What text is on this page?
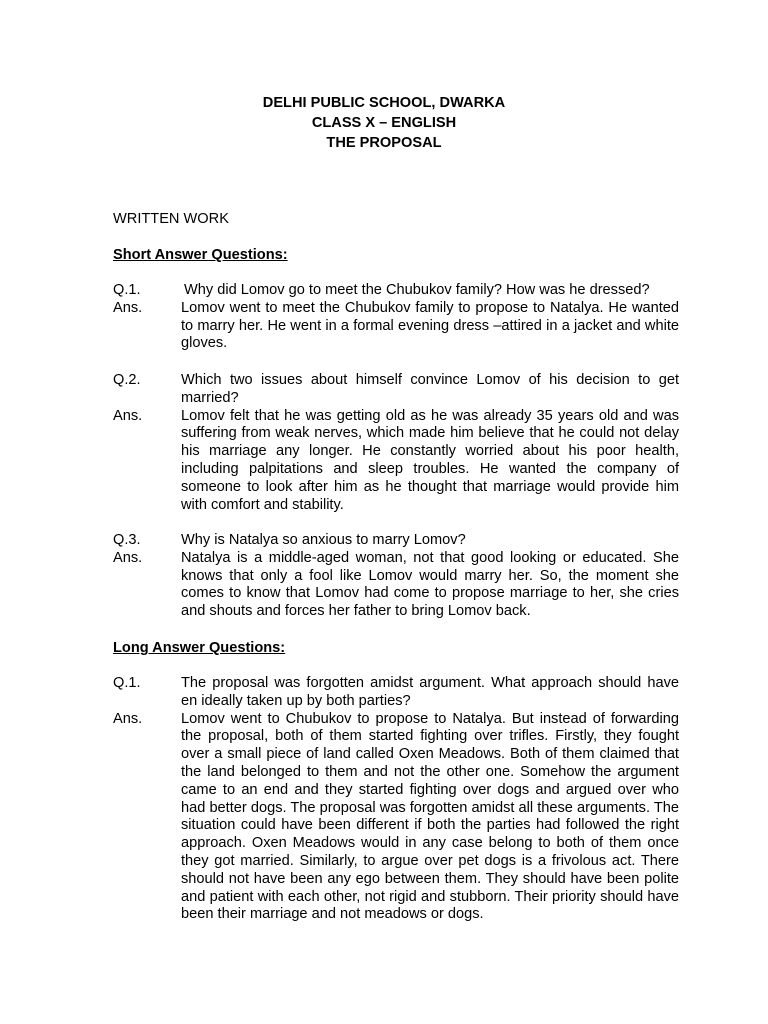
DELHI PUBLIC SCHOOL, DWARKA
CLASS X – ENGLISH
THE PROPOSAL
WRITTEN WORK
Short Answer Questions:
Q.1.	Why did Lomov go to meet the Chubukov family? How was he dressed?
Ans.	Lomov went to meet the Chubukov family to propose to Natalya. He wanted to marry her. He went in a formal evening dress –attired in a jacket and white gloves.
Q.2.	Which two issues about himself convince Lomov of his decision to get married?
Ans.	Lomov felt that he was getting old as he was already 35 years old and was suffering from weak nerves, which made him believe that he could not delay his marriage any longer. He constantly worried about his poor health, including palpitations and sleep troubles. He wanted the company of someone to look after him as he thought that marriage would provide him with comfort and stability.
Q.3.	Why is Natalya so anxious to marry Lomov?
Ans.	Natalya is a middle-aged woman, not that good looking or educated. She knows that only a fool like Lomov would marry her. So, the moment she comes to know that Lomov had come to propose marriage to her, she cries and shouts and forces her father to bring Lomov back.
Long Answer Questions:
Q.1.	The proposal was forgotten amidst argument. What approach should have en ideally taken up by both parties?
Ans.	Lomov went to Chubukov to propose to Natalya. But instead of forwarding the proposal, both of them started fighting over trifles. Firstly, they fought over a small piece of land called Oxen Meadows. Both of them claimed that the land belonged to them and not the other one. Somehow the argument came to an end and they started fighting over dogs and argued over who had better dogs. The proposal was forgotten amidst all these arguments. The situation could have been different if both the parties had followed the right approach. Oxen Meadows would in any case belong to both of them once they got married. Similarly, to argue over pet dogs is a frivolous act. There should not have been any ego between them. They should have been polite and patient with each other, not rigid and stubborn. Their priority should have been their marriage and not meadows or dogs.
